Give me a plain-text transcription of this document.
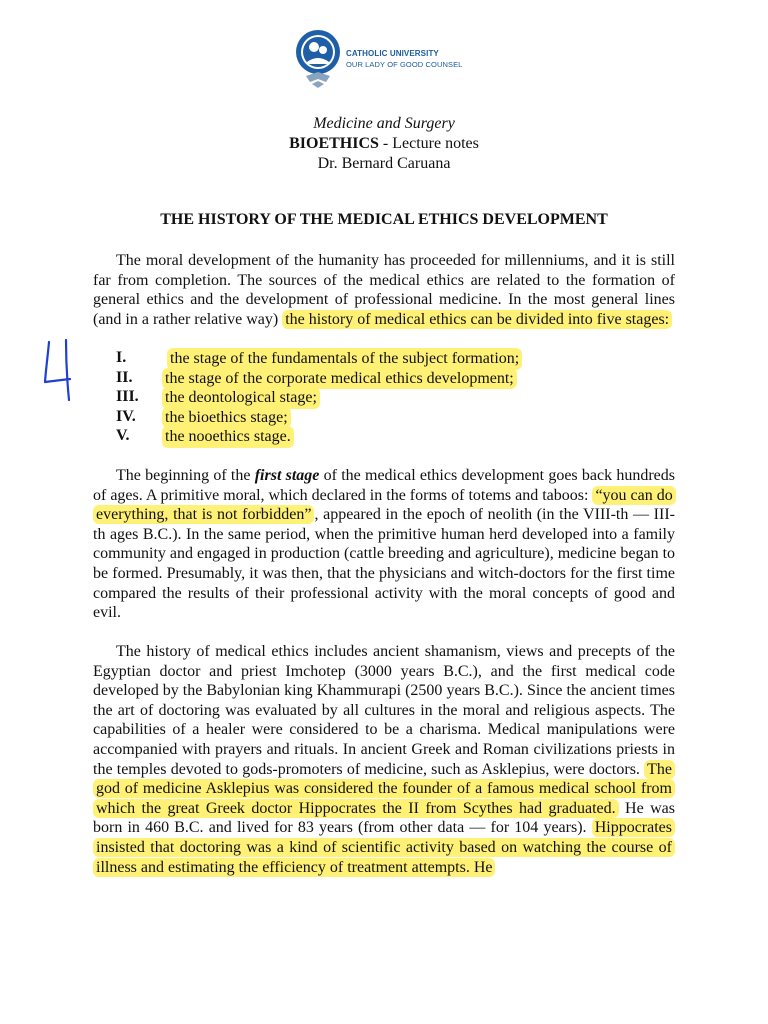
CATHOLIC UNIVERSITY
OUR LADY OF GOOD COUNSEL
Medicine and Surgery
BIOETHICS - Lecture notes
Dr. Bernard Caruana
THE HISTORY OF THE MEDICAL ETHICS DEVELOPMENT
The moral development of the humanity has proceeded for millenniums, and it is still far from completion. The sources of the medical ethics are related to the formation of general ethics and the development of professional medicine. In the most general lines (and in a rather relative way) the history of medical ethics can be divided into five stages:
I.	the stage of the fundamentals of the subject formation;
II. the stage of the corporate medical ethics development;
III. the deontological stage;
IV. the bioethics stage;
V. the nooethics stage.
The beginning of the first stage of the medical ethics development goes back hundreds of ages. A primitive moral, which declared in the forms of totems and taboos: “you can do everything, that is not forbidden” , appeared in the epoch of neolith (in the VIII-th — III-th ages B.C.). In the same period, when the primitive human herd developed into a family community and engaged in production (cattle breeding and agriculture), medicine began to be formed. Presumably, it was then, that the physicians and witch-doctors for the first time compared the results of their professional activity with the moral concepts of good and evil.
The history of medical ethics includes ancient shamanism, views and precepts of the Egyptian doctor and priest Imchotep (3000 years B.C.), and the first medical code developed by the Babylonian king Khammurapi (2500 years B.C.). Since the ancient times the art of doctoring was evaluated by all cultures in the moral and religious aspects. The capabilities of a healer were considered to be a charisma. Medical manipulations were accompanied with prayers and rituals. In ancient Greek and Roman civilizations priests in the temples devoted to gods-promoters of medicine, such as Asklepius, were doctors. The god of medicine Asklepius was considered the founder of a famous medical school from which the great Greek doctor Hippocrates the II from Scythes had graduated. He was born in 460 B.C. and lived for 83 years (from other data — for 104 years). Hippocrates insisted that doctoring was a kind of scientific activity based on watching the course of illness and estimating the efficiency of treatment attempts. He
